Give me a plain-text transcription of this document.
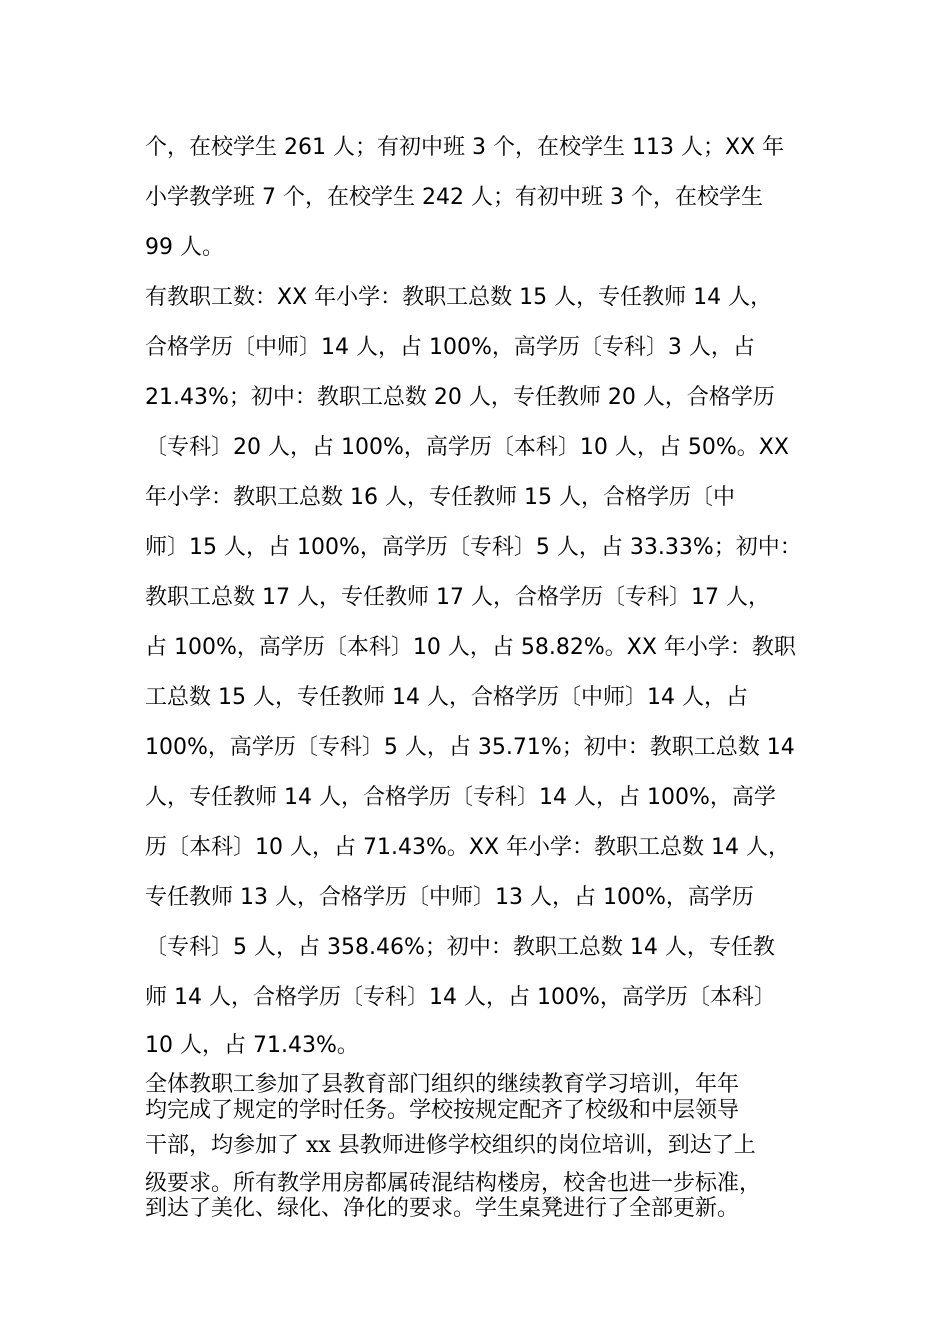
个，在校学生 261 人；有初中班 3 个，在校学生 113 人；XX 年
小学教学班 7 个，在校学生 242 人；有初中班 3 个，在校学生
99 人。
有教职工数：XX 年小学：教职工总数 15 人，专任教师 14 人，
合格学历〔中师〕14 人，占 100%，高学历〔专科〕3 人，占
21.43%；初中：教职工总数 20 人，专任教师 20 人，合格学历
〔专科〕20 人，占 100%，高学历〔本科〕10 人，占 50%。XX
年小学：教职工总数 16 人，专任教师 15 人，合格学历〔中
师〕15 人，占 100%，高学历〔专科〕5 人，占 33.33%；初中：
教职工总数 17 人，专任教师 17 人，合格学历〔专科〕17 人，
占 100%，高学历〔本科〕10 人，占 58.82%。XX 年小学：教职
工总数 15 人，专任教师 14 人，合格学历〔中师〕14 人，占
100%，高学历〔专科〕5 人，占 35.71%；初中：教职工总数 14
人，专任教师 14 人，合格学历〔专科〕14 人，占 100%，高学
历〔本科〕10 人，占 71.43%。XX 年小学：教职工总数 14 人，
专任教师 13 人，合格学历〔中师〕13 人，占 100%，高学历
〔专科〕5 人，占 358.46%；初中：教职工总数 14 人，专任教
师 14 人，合格学历〔专科〕14 人，占 100%，高学历〔本科〕
10 人，占 71.43%。
全体教职工参加了县教育部门组织的继续教育学习培训，年年
均完成了规定的学时任务。学校按规定配齐了校级和中层领导
干部，均参加了 xx 县教师进修学校组织的岗位培训，到达了上
级要求。所有教学用房都属砖混结构楼房，校舍也进一步标准，
到达了美化、绿化、净化的要求。学生桌凳进行了全部更新。
